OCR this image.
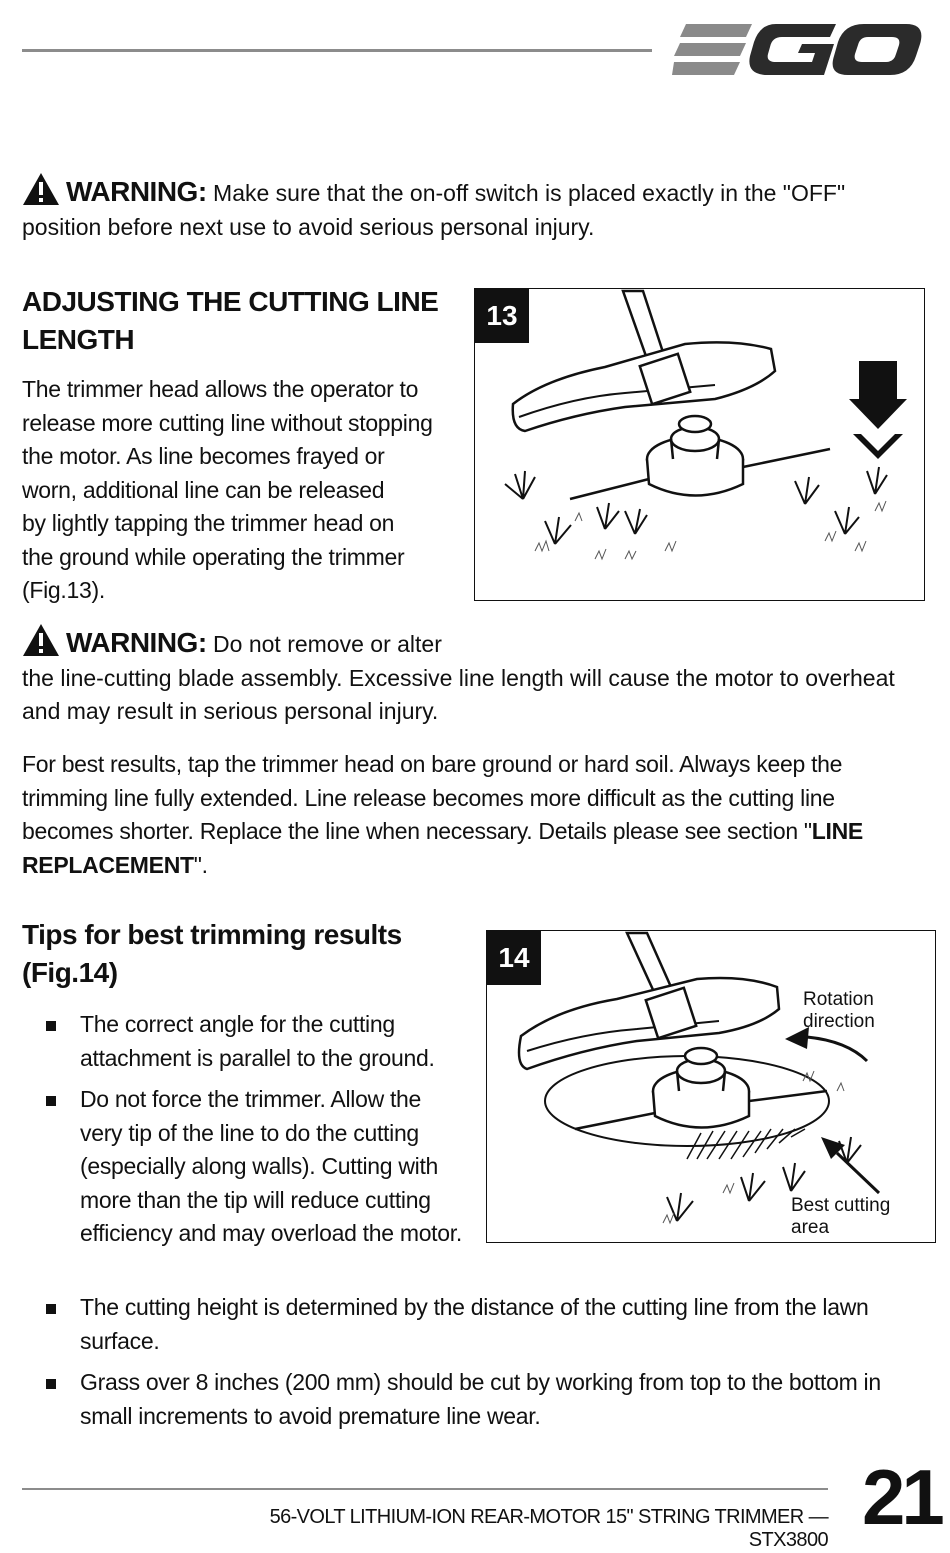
WARNING: Make sure that the on-off switch is placed exactly in the "OFF" position before next use to avoid serious personal injury.
ADJUSTING THE CUTTING LINE
LENGTH
The trimmer head allows the operator to
release more cutting line without stopping
the motor. As line becomes frayed or
worn, additional line can be released
by lightly tapping the trimmer head on
the ground while operating the trimmer
(Fig.13).
13
WARNING: Do not remove or alter
the line-cutting blade assembly. Excessive line length will cause the motor to overheat
and may result in serious personal injury.
For best results, tap the trimmer head on bare ground or hard soil. Always keep the trimming line fully extended. Line release becomes more difficult as the cutting line becomes shorter. Replace the line when necessary. Details please see section "LINE REPLACEMENT".
Tips for best trimming results
(Fig.14)
The correct angle for the cutting attachment is parallel to the ground.
Do not force the trimmer. Allow the very tip of the line to do the cutting (especially along walls). Cutting with more than the tip will reduce cutting efficiency and may overload the motor.
The cutting height is determined by the distance of the cutting line from the lawn surface.
Grass over 8 inches (200 mm) should be cut by working from top to the bottom in small increments to avoid premature line wear.
14
Rotation
direction
Best cutting area
56-VOLT LITHIUM-ION REAR-MOTOR 15" STRING TRIMMER — STX3800 21
